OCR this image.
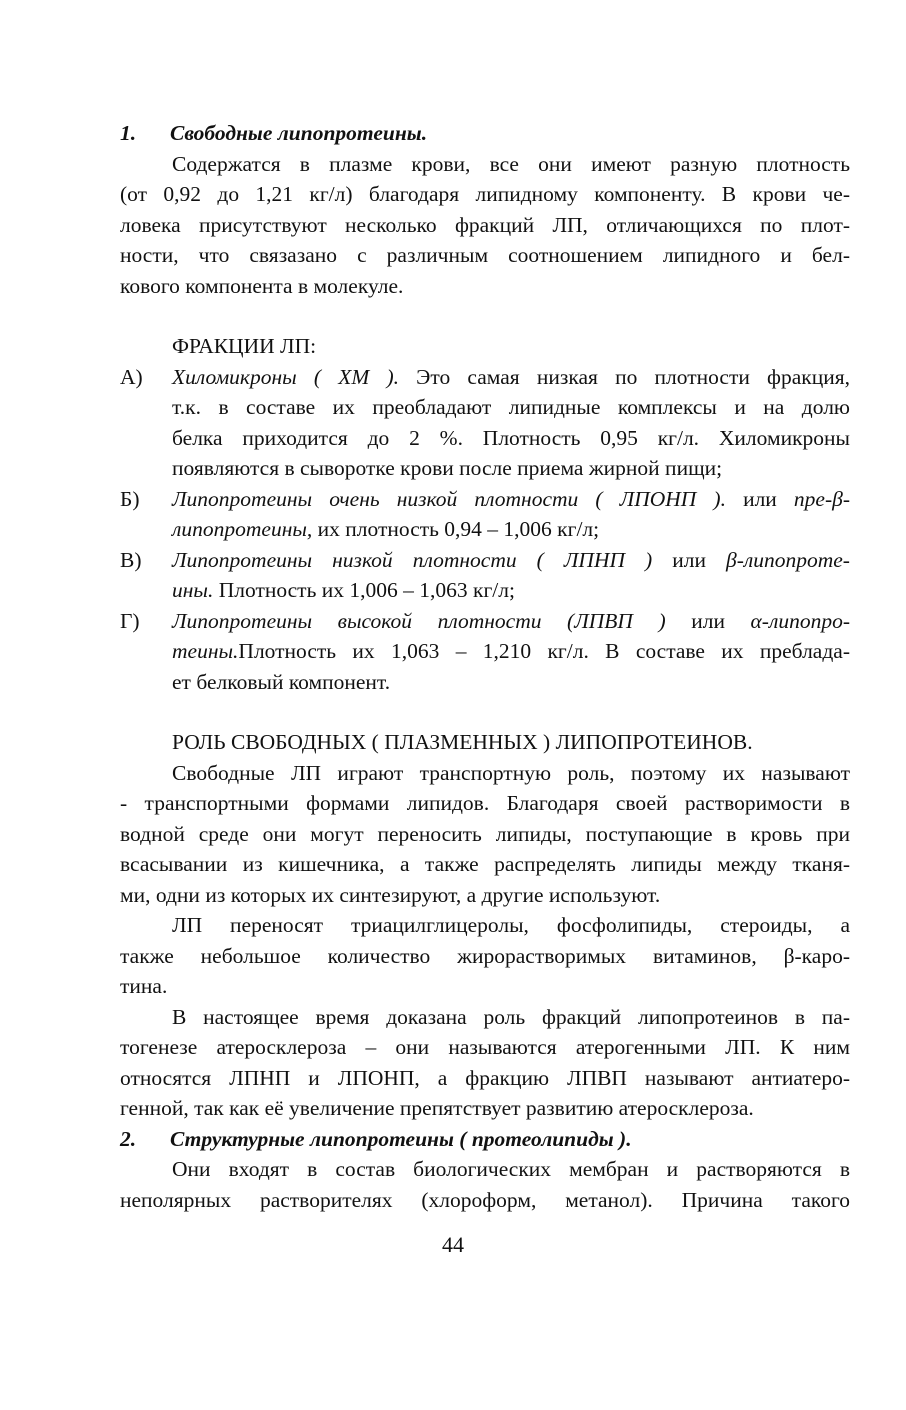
1. Свободные липопротеины.
Содержатся в плазме крови, все они имеют разную плотность
(от 0,92 до 1,21 кг/л) благодаря липидному компоненту. В крови че-
ловека присутствуют несколько фракций ЛП, отличающихся по плот-
ности, что связазано с различным соотношением липидного и бел-
кового компонента в молекуле.
ФРАКЦИИ ЛП:
А)	Хиломикроны ( ХМ ). Это самая низкая по плотности фракция,
т.к. в составе их преобладают липидные комплексы и на долю
белка приходится до 2 %. Плотность 0,95 кг/л. Хиломикроны
появляются в сыворотке крови после приема жирной пищи;
Б)	Липопротеины очень низкой плотности ( ЛПОНП ). или пре-β-
липопротеины, их плотность 0,94 – 1,006 кг/л;
В)	Липопротеины низкой плотности ( ЛПНП ) или β-липопроте-
ины. Плотность их 1,006 – 1,063 кг/л;
Г)	Липопротеины высокой плотности (ЛПВП ) или α-липопро-
теины.Плотность их 1,063 – 1,210 кг/л. В составе их преблада-
ет белковый компонент.
РОЛЬ СВОБОДНЫХ ( ПЛАЗМЕННЫХ ) ЛИПОПРОТЕИНОВ.
Свободные ЛП играют транспортную роль, поэтому их называют
- транспортными формами липидов. Благодаря своей растворимости в
водной среде они могут переносить липиды, поступающие в кровь при
всасывании из кишечника, а также распределять липиды между тканя-
ми, одни из которых их синтезируют, а другие используют.
ЛП переносят триацилглицеролы, фосфолипиды, стероиды, а
также небольшое количество жирорастворимых витаминов, β-каро-
тина.
В настоящее время доказана роль фракций липопротеинов в па-
тогенезе атеросклероза – они называются атерогенными ЛП. К ним
относятся ЛПНП и ЛПОНП, а фракцию ЛПВП называют антиатеро-
генной, так как её увеличение препятствует развитию атеросклероза.
2. Структурные липопротеины ( протеолипиды ).
Они входят в состав биологических мембран и растворяются в
неполярных растворителях (хлороформ, метанол). Причина такого
44
